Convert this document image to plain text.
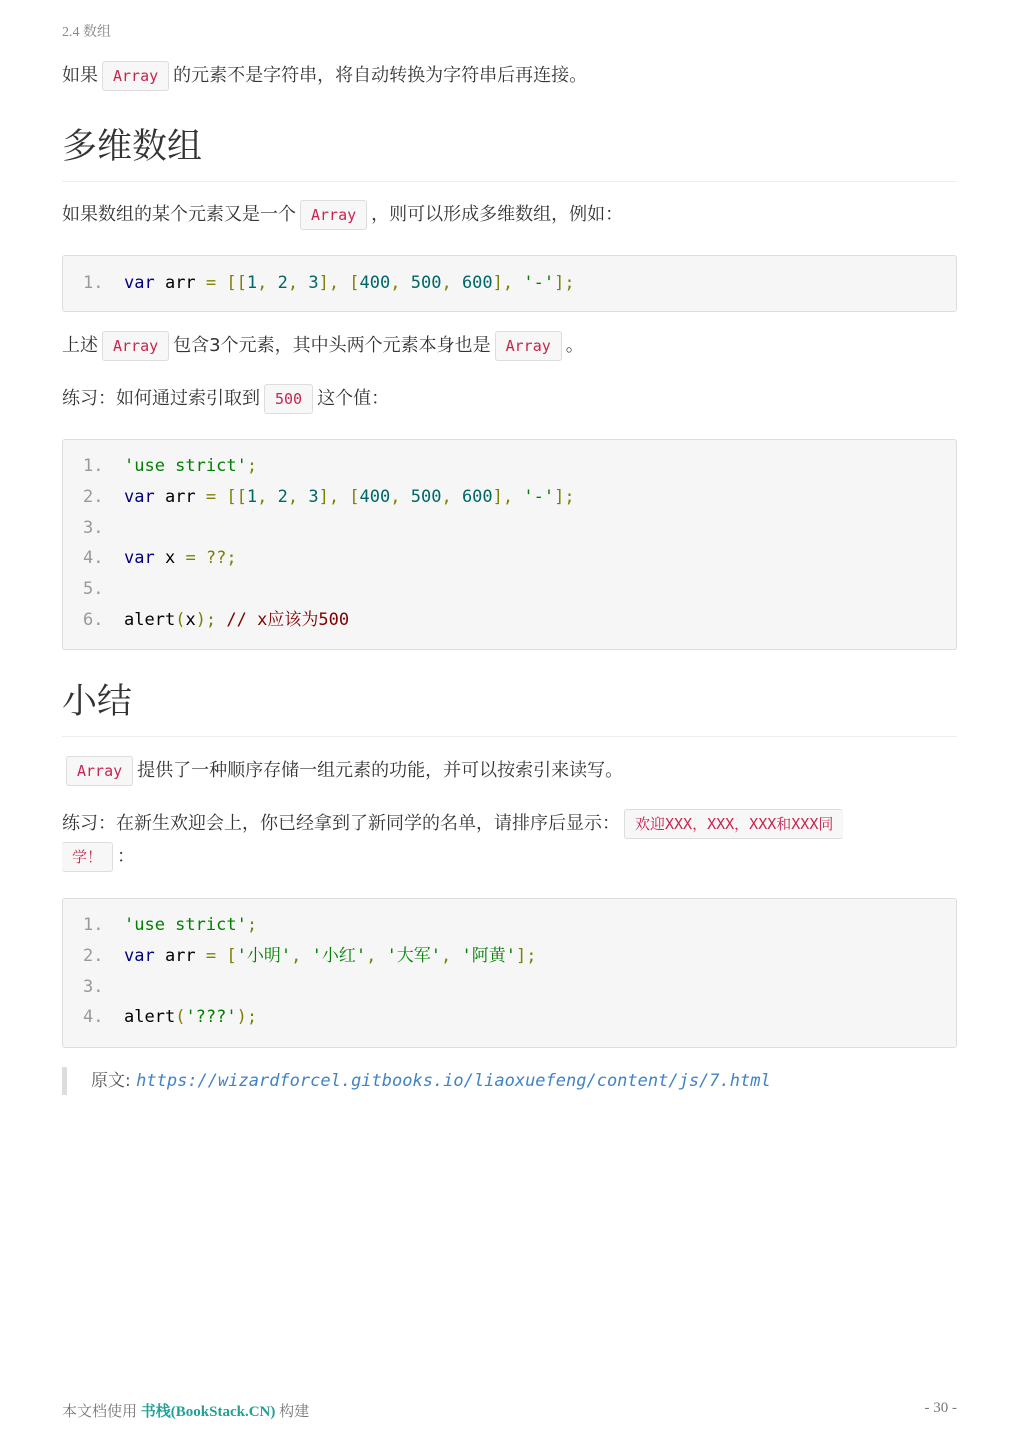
2.4 数组
如果 Array 的元素不是字符串，将自动转换为字符串后再连接。
多维数组
如果数组的某个元素又是一个 Array ，则可以形成多维数组，例如：
1.	var arr = [[1, 2, 3], [400, 500, 600], '-'];
上述 Array 包含3个元素，其中头两个元素本身也是 Array 。
练习：如何通过索引取到 500 这个值：
1.	'use strict';
2.	var arr = [[1, 2, 3], [400, 500, 600], '-'];
3.
4.	var x = ??;
5.
6.	alert(x); // x应该为500
小结
Array 提供了一种顺序存储一组元素的功能，并可以按索引来读写。
练习：在新生欢迎会上，你已经拿到了新同学的名单，请排序后显示： 欢迎XXX，XXX，XXX和XXX同
学！ ：
1.	'use strict';
2.	var arr = ['小明', '小红', '大军', '阿黄'];
3.
4.	alert('???');
原文: https://wizardforcel.gitbooks.io/liaoxuefeng/content/js/7.html
本文档使用 书栈(BookStack.CN) 构建	- 30 -
